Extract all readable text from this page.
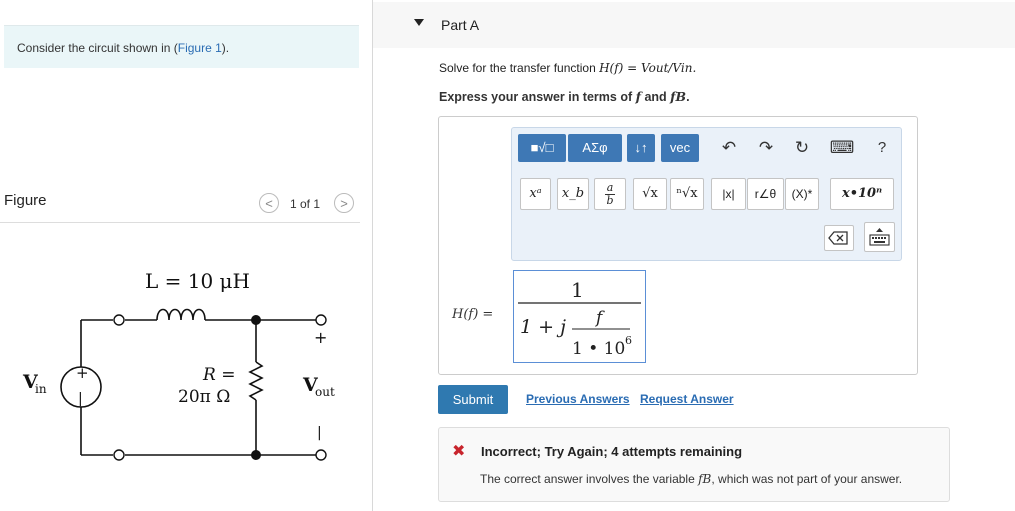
Consider the circuit shown in (Figure 1).
Figure	<	1 of 1	>
L = 10 μH
R =
20π Ω
+
|
V
in
+
V
out
|
Part A
Solve for the transfer function H(f) = Vout/Vin.
Express your answer in terms of f and fB.
■√□	ΑΣφ	↓↑	vec	↶ ↷ ↻ ⌨	?
xᵃ	x_b	a
b	√x	ⁿ√x	|x|	r∠θ	(X)*	x•10ⁿ
H(f) =
1
1 + j f
1 • 10 6
Submit	Previous Answers Request Answer
✖ Incorrect; Try Again; 4 attempts remaining
The correct answer involves the variable fB, which was not part of your answer.
